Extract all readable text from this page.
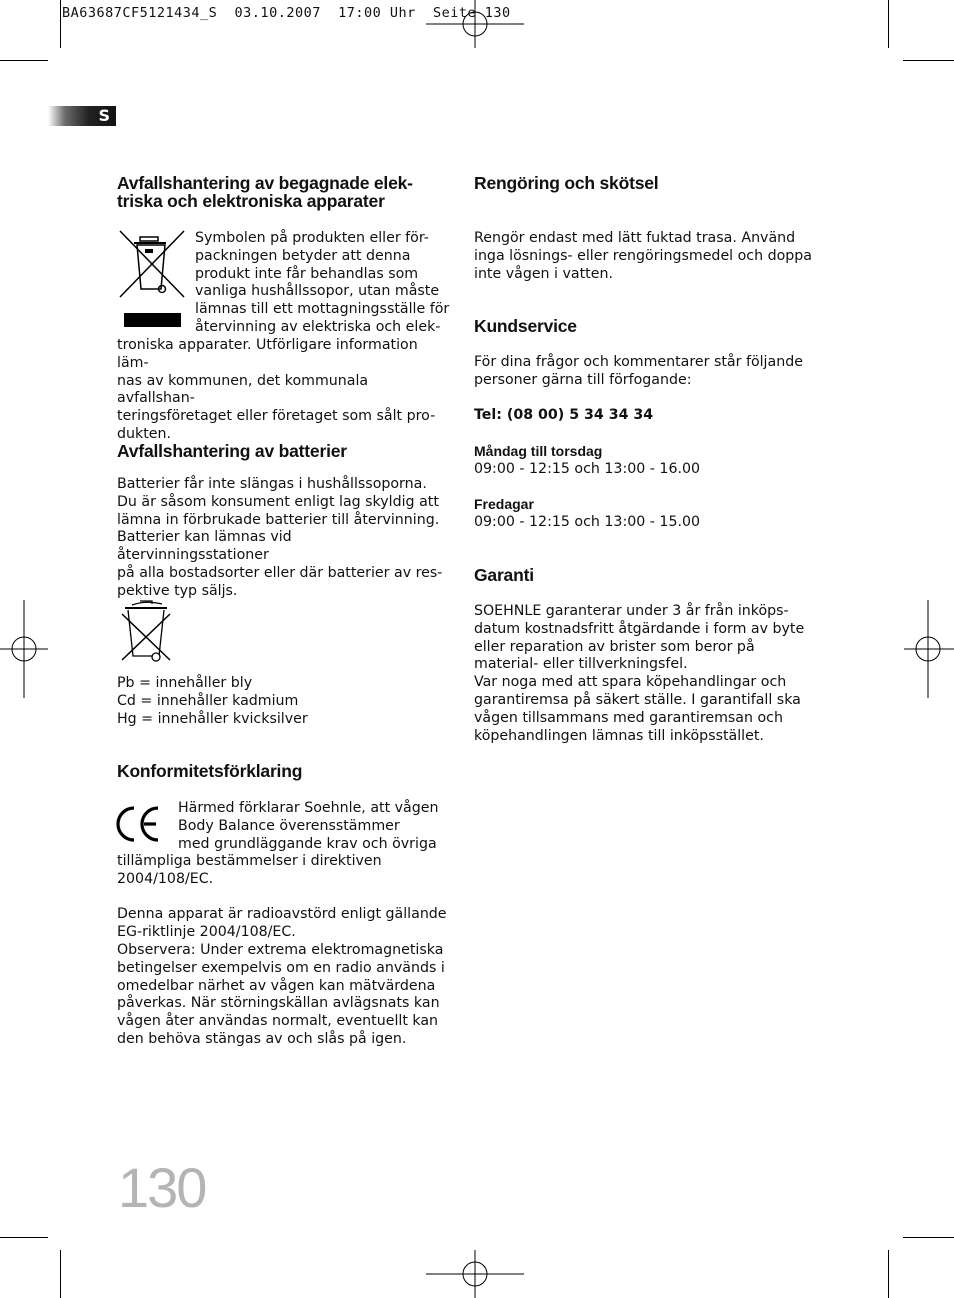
BA63687CF5121434_S  03.10.2007  17:00 Uhr  Seite 130
S
Avfallshantering av begagnade elek-
triska och elektroniska apparater

Symbolen på produkten eller för-

packningen betyder att denna

produkt inte får behandlas som

vanliga hushållssopor, utan måste

lämnas till ett mottagningsställe för

återvinning av elektriska och elek-

troniska apparater. Utförligare information läm-

nas av kommunen, det kommunala avfallshan-

teringsföretaget eller företaget som sålt pro-

dukten.

Avfallshantering av batterier

Batterier får inte slängas i hushållssoporna.

Du är såsom konsument enligt lag skyldig att

lämna in förbrukade batterier till återvinning.

Batterier kan lämnas vid återvinningsstationer

på alla bostadsorter eller där batterier av res-

pektive typ säljs.

Pb = innehåller bly

Cd = innehåller kadmium

Hg = innehåller kvicksilver

Konformitetsförklaring

Härmed förklarar Soehnle, att vågen

Body Balance överensstämmer

med grundläggande krav och övriga

tillämpliga bestämmelser i direktiven

2004/108/EC.

Denna apparat är radioavstörd enligt gällande

EG-riktlinje 2004/108/EC.

Observera: Under extrema elektromagnetiska

betingelser exempelvis om en radio används i

omedelbar närhet av vågen kan mätvärdena

påverkas. När störningskällan avlägsnats kan

vågen åter användas normalt, eventuellt kan

den behöva stängas av och slås på igen.

Rengöring och skötsel

Rengör endast med lätt fuktad trasa. Använd

inga lösnings- eller rengöringsmedel och doppa

inte vågen i vatten.

Kundservice

För dina frågor och kommentarer står följande

personer gärna till förfogande:

Tel: (08 00) 5 34 34 34

Måndag till torsdag

09:00 - 12:15 och 13:00 - 16.00

Fredagar

09:00 - 12:15 och 13:00 - 15.00

Garanti

SOEHNLE garanterar under 3 år från inköps-

datum kostnadsfritt åtgärdande i form av byte

eller reparation av brister som beror på

material- eller tillverkningsfel.

Var noga med att spara köpehandlingar och

garantiremsa på säkert ställe. I garantifall ska

vågen tillsammans med garantiremsan och

köpehandlingen lämnas till inköpsstället.

130
